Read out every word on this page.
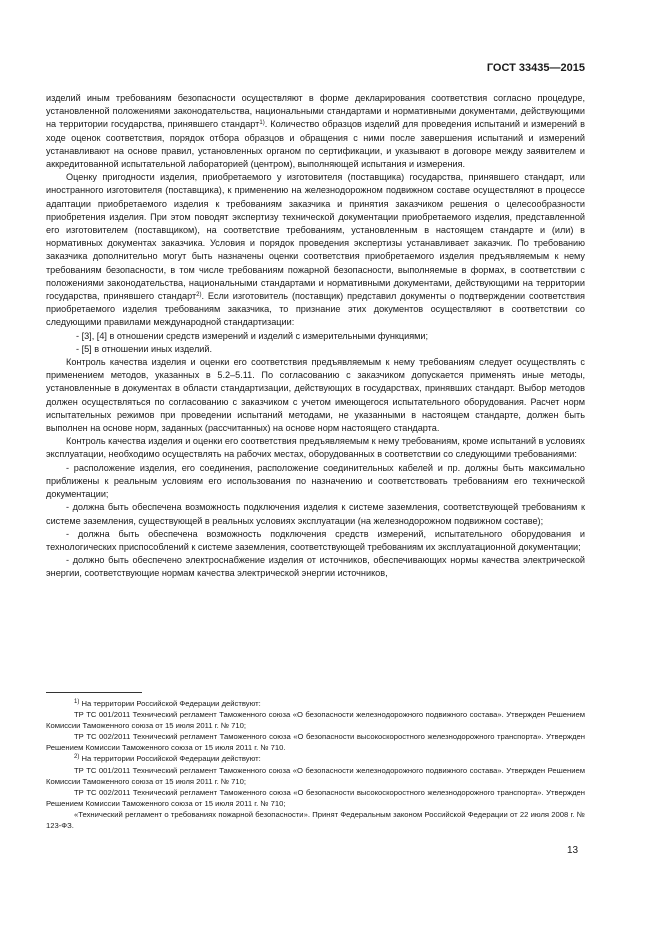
ГОСТ 33435—2015

изделий иным требованиям безопасности осуществляют в форме декларирования соответствия согласно процедуре, установленной положениями законодательства, национальными стандартами и нормативными документами, действующими на территории государства, принявшего стандарт$^{1)}$. Количество образцов изделий для проведения испытаний и измерений в ходе оценок соответствия, порядок отбора образцов и обращения с ними после завершения испытаний и измерений устанавливают на основе правил, установленных органом по сертификации, и указывают в договоре между заявителем и аккредитованной испытательной лабораторией (центром), выполняющей испытания и измерения.

Оценку пригодности изделия, приобретаемого у изготовителя (поставщика) государства, принявшего стандарт, или иностранного изготовителя (поставщика), к применению на железнодорожном подвижном составе осуществляют в процессе адаптации приобретаемого изделия к требованиям заказчика и принятия заказчиком решения о целесообразности приобретения изделия. При этом поводят экспертизу технической документации приобретаемого изделия, представленной его изготовителем (поставщиком), на соответствие требованиям, установленным в настоящем стандарте и (или) в нормативных документах заказчика. Условия и порядок проведения экспертизы устанавливает заказчик. По требованию заказчика дополнительно могут быть назначены оценки соответствия приобретаемого изделия предъявляемым к нему требованиям безопасности, в том числе требованиям пожарной безопасности, выполняемые в формах, в соответствии с положениями законодательства, национальными стандартами и нормативными документами, действующими на территории государства, принявшего стандарт$^{2)}$. Если изготовитель (поставщик) представил документы о подтверждении соответствия приобретаемого изделия требованиям заказчика, то признание этих документов осуществляют в соответствии со следующими правилами международной стандартизации:

- [3], [4] в отношении средств измерений и изделий с измерительными функциями;

- [5] в отношении иных изделий.

Контроль качества изделия и оценки его соответствия предъявляемым к нему требованиям следует осуществлять с применением методов, указанных в 5.2–5.11. По согласованию с заказчиком допускается применять иные методы, установленные в документах в области стандартизации, действующих в государствах, принявших стандарт. Выбор методов должен осуществляться по согласованию с заказчиком с учетом имеющегося испытательного оборудования. Расчет норм испытательных режимов при проведении испытаний методами, не указанными в настоящем стандарте, должен быть выполнен на основе норм, заданных (рассчитанных) на основе норм настоящего стандарта.

Контроль качества изделия и оценки его соответствия предъявляемым к нему требованиям, кроме испытаний в условиях эксплуатации, необходимо осуществлять на рабочих местах, оборудованных в соответствии со следующими требованиями:

- расположение изделия, его соединения, расположение соединительных кабелей и пр. должны быть максимально приближены к реальным условиям его использования по назначению и соответствовать требованиям его технической документации;

- должна быть обеспечена возможность подключения изделия к системе заземления, соответствующей требованиям к системе заземления, существующей в реальных условиях эксплуатации (на железнодорожном подвижном составе);

- должна быть обеспечена возможность подключения средств измерений, испытательного оборудования и технологических приспособлений к системе заземления, соответствующей требованиям их эксплуатационной документации;

- должно быть обеспечено электроснабжение изделия от источников, обеспечивающих нормы качества электрической энергии, соответствующие нормам качества электрической энергии источников,

$^{1)}$ На территории Российской Федерации действуют:

ТР ТС 001/2011 Технический регламент Таможенного союза «О безопасности железнодорожного подвижного состава». Утвержден Решением Комиссии Таможенного союза от 15 июля 2011 г. № 710;

ТР ТС 002/2011 Технический регламент Таможенного союза «О безопасности высокоскоростного железнодорожного транспорта». Утвержден Решением Комиссии Таможенного союза от 15 июля 2011 г. № 710.

$^{2)}$ На территории Российской Федерации действуют:

ТР ТС 001/2011 Технический регламент Таможенного союза «О безопасности железнодорожного подвижного состава». Утвержден Решением Комиссии Таможенного союза от 15 июля 2011 г. № 710;

ТР ТС 002/2011 Технический регламент Таможенного союза «О безопасности высокоскоростного железнодорожного транспорта». Утвержден Решением Комиссии Таможенного союза от 15 июля 2011 г. № 710;

«Технический регламент о требованиях пожарной безопасности». Принят Федеральным законом Российской Федерации от 22 июля 2008 г. № 123-ФЗ.

13
